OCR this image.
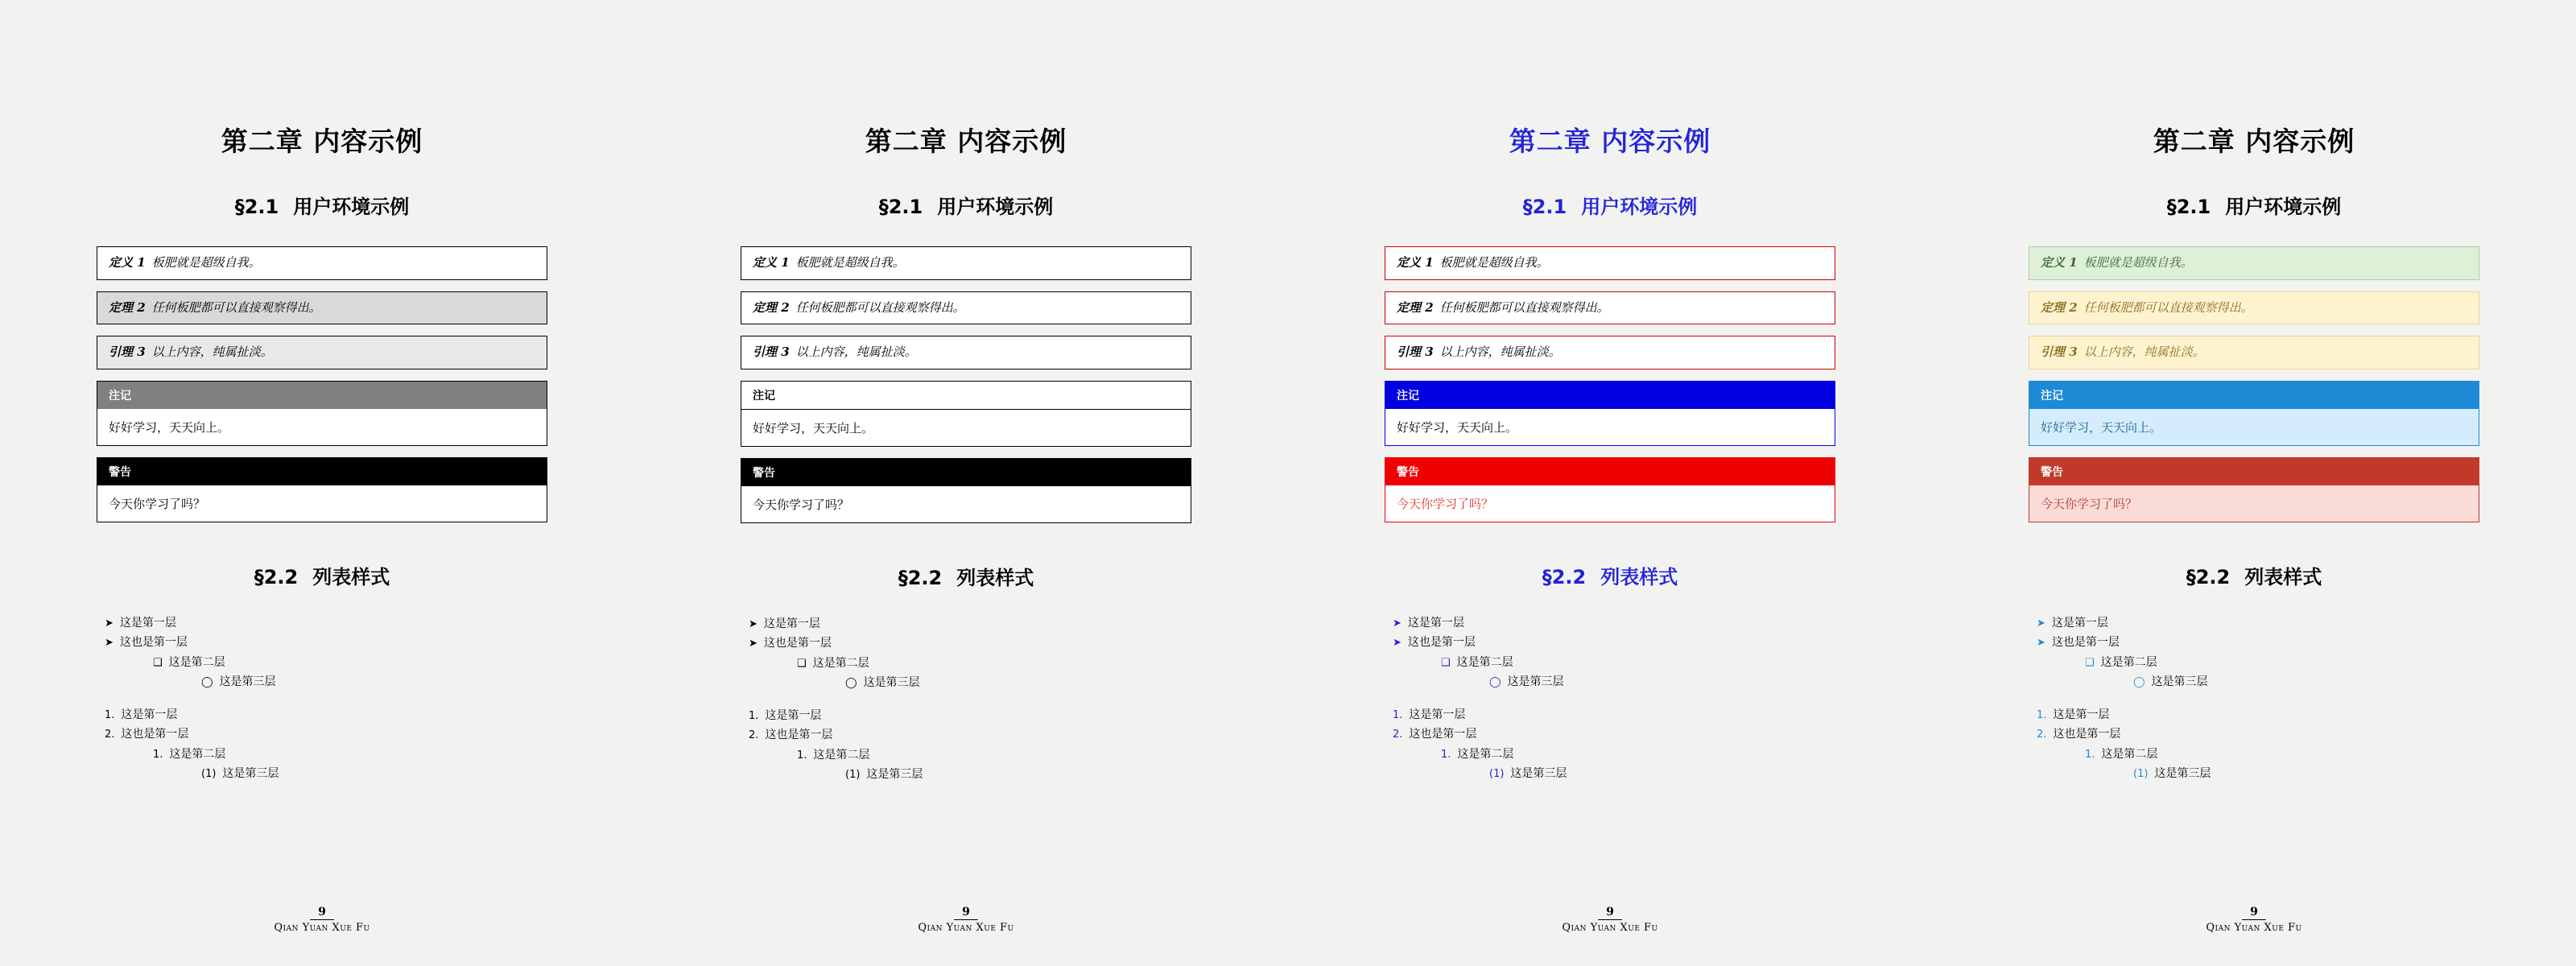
第二章 内容示例
§2.1 用户环境示例
定义 1 板肥就是超级自我。
定理 2 任何板肥都可以直接观察得出。
引理 3 以上内容，纯属扯淡。
注记
好好学习，天天向上。
警告
今天你学习了吗？
§2.2 列表样式
➤ 这是第一层
➤ 这也是第一层
❑ 这是第二层
◯ 这是第三层
1. 这是第一层
2. 这也是第一层
1. 这是第二层
(1) 这是第三层
9
Qian Yuan Xue Fu
第二章 内容示例
§2.1 用户环境示例
定义 1 板肥就是超级自我。
定理 2 任何板肥都可以直接观察得出。
引理 3 以上内容，纯属扯淡。
注记
好好学习，天天向上。
警告
今天你学习了吗？
§2.2 列表样式
➤ 这是第一层
➤ 这也是第一层
❑ 这是第二层
◯ 这是第三层
1. 这是第一层
2. 这也是第一层
1. 这是第二层
(1) 这是第三层
9
Qian Yuan Xue Fu
第二章 内容示例
§2.1 用户环境示例
定义 1 板肥就是超级自我。
定理 2 任何板肥都可以直接观察得出。
引理 3 以上内容，纯属扯淡。
注记
好好学习，天天向上。
警告
今天你学习了吗？
§2.2 列表样式
➤ 这是第一层
➤ 这也是第一层
❑ 这是第二层
◯ 这是第三层
1. 这是第一层
2. 这也是第一层
1. 这是第二层
(1) 这是第三层
9
Qian Yuan Xue Fu
第二章 内容示例
§2.1 用户环境示例
定义 1 板肥就是超级自我。
定理 2 任何板肥都可以直接观察得出。
引理 3 以上内容，纯属扯淡。
注记
好好学习，天天向上。
警告
今天你学习了吗？
§2.2 列表样式
➤ 这是第一层
➤ 这也是第一层
❑ 这是第二层
◯ 这是第三层
1. 这是第一层
2. 这也是第一层
1. 这是第二层
(1) 这是第三层
9
Qian Yuan Xue Fu
